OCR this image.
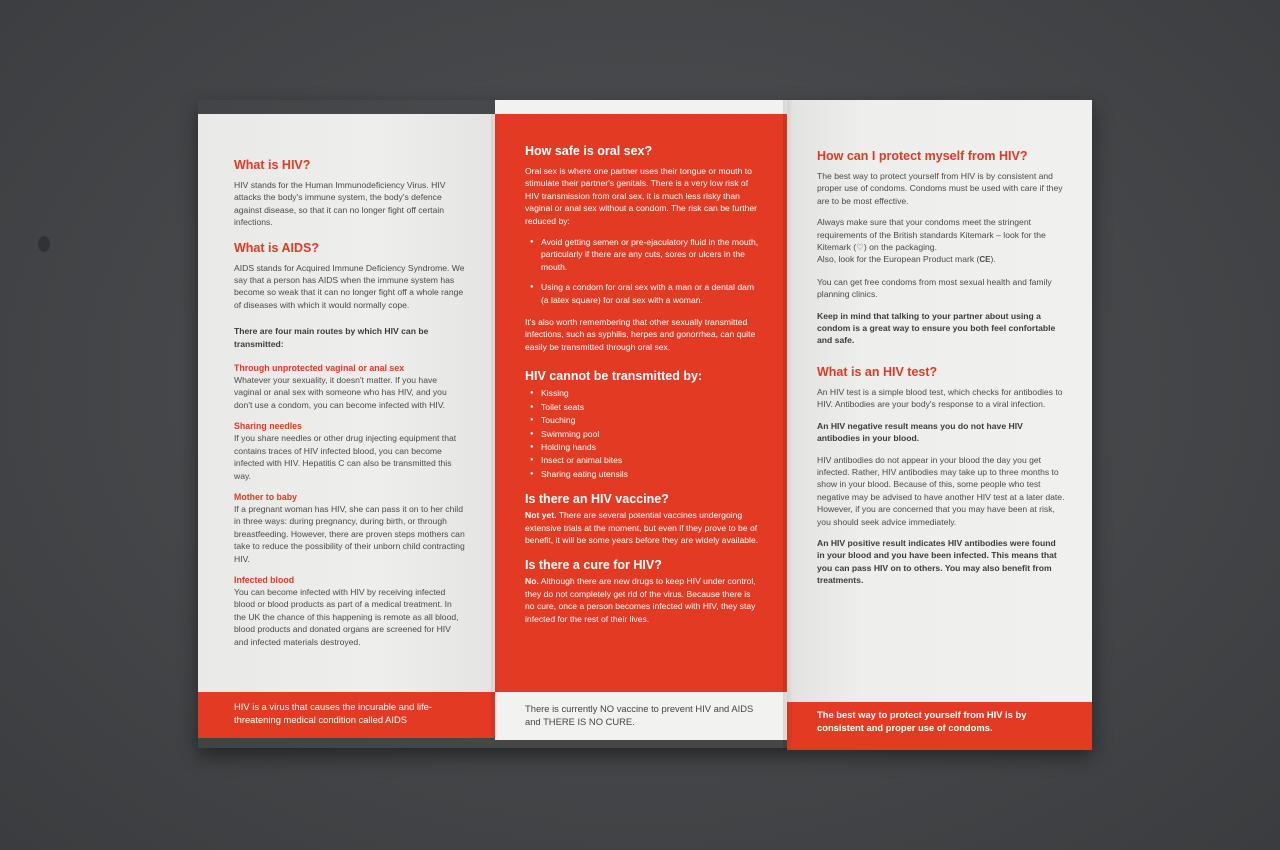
What is HIV?

HIV stands for the Human Immunodeficiency Virus. HIV attacks the body's immune system, the body's defence against disease, so that it can no longer fight off certain infections.

What is AIDS?

AIDS stands for Acquired Immune Deficiency Syndrome. We say that a person has AIDS when the immune system has become so weak that it can no longer fight off a whole range of diseases with which it would normally cope.

There are four main routes by which HIV can be transmitted:

Through unprotected vaginal or anal sex

Whatever your sexuality, it doesn't matter. If you have vaginal or anal sex with someone who has HIV, and you don't use a condom, you can become infected with HIV.

Sharing needles

If you share needles or other drug injecting equipment that contains traces of HIV infected blood, you can become infected with HIV. Hepatitis C can also be transmitted this way.

Mother to baby

If a pregnant woman has HIV, she can pass it on to her child in three ways: during pregnancy, during birth, or through breastfeeding. However, there are proven steps mothers can take to reduce the possibility of their unborn child contracting HIV.

Infected blood

You can become infected with HIV by receiving infected blood or blood products as part of a medical treatment. In the UK the chance of this happening is remote as all blood, blood products and donated organs are screened for HIV and infected materials destroyed.

HIV is a virus that causes the incurable and life-threatening medical condition called AIDS
How safe is oral sex?

Oral sex is where one partner uses their tongue or mouth to stimulate their partner's genitals. There is a very low risk of HIV transmission from oral sex, it is much less risky than vaginal or anal sex without a condom. The risk can be further reduced by:

● Avoid getting semen or pre-ejaculatory fluid in the mouth, particularly if there are any cuts, sores or ulcers in the mouth.
● Using a condom for oral sex with a man or a dental dam (a latex square) for oral sex with a woman.

It's also worth remembering that other sexually transmitted infections, such as syphilis, herpes and gonorrhea, can quite easily be transmitted through oral sex.

HIV cannot be transmitted by:
● Kissing
● Toilet seats
● Touching
● Swimming pool
● Holding hands
● Insect or animal bites
● Sharing eating utensils
Is there an HIV vaccine?

Not yet. There are several potential vaccines undergoing extensive trials at the moment, but even if they prove to be of benefit, it will be some years before they are widely available.

Is there a cure for HIV?

No. Although there are new drugs to keep HIV under control, they do not completely get rid of the virus. Because there is no cure, once a person becomes infected with HIV, they stay infected for the rest of their lives.

There is currently NO vaccine to prevent HIV and AIDS and THERE IS NO CURE.
How can I protect myself from HIV?

The best way to protect yourself from HIV is by consistent and proper use of condoms. Condoms must be used with care if they are to be most effective.

Always make sure that your condoms meet the stringent requirements of the British standards Kitemark – look for the Kitemark (♡) on the packaging.
Also, look for the European Product mark (CE).

You can get free condoms from most sexual health and family planning clinics.

Keep in mind that talking to your partner about using a condom is a great way to ensure you both feel confortable and safe.

What is an HIV test?

An HIV test is a simple blood test, which checks for antibodies to HIV. Antibodies are your body's response to a viral infection.

An HIV negative result means you do not have HIV antibodies in your blood.

HIV antibodies do not appear in your blood the day you get infected. Rather, HIV antibodies may take up to three months to show in your blood. Because of this, some people who test negative may be advised to have another HIV test at a later date. However, if you are concerned that you may have been at risk, you should seek advice immediately.

An HIV positive result indicates HIV antibodies were found in your blood and you have been infected. This means that you can pass HIV on to others. You may also benefit from treatments.

The best way to protect yourself from HIV is by consistent and proper use of condoms.
